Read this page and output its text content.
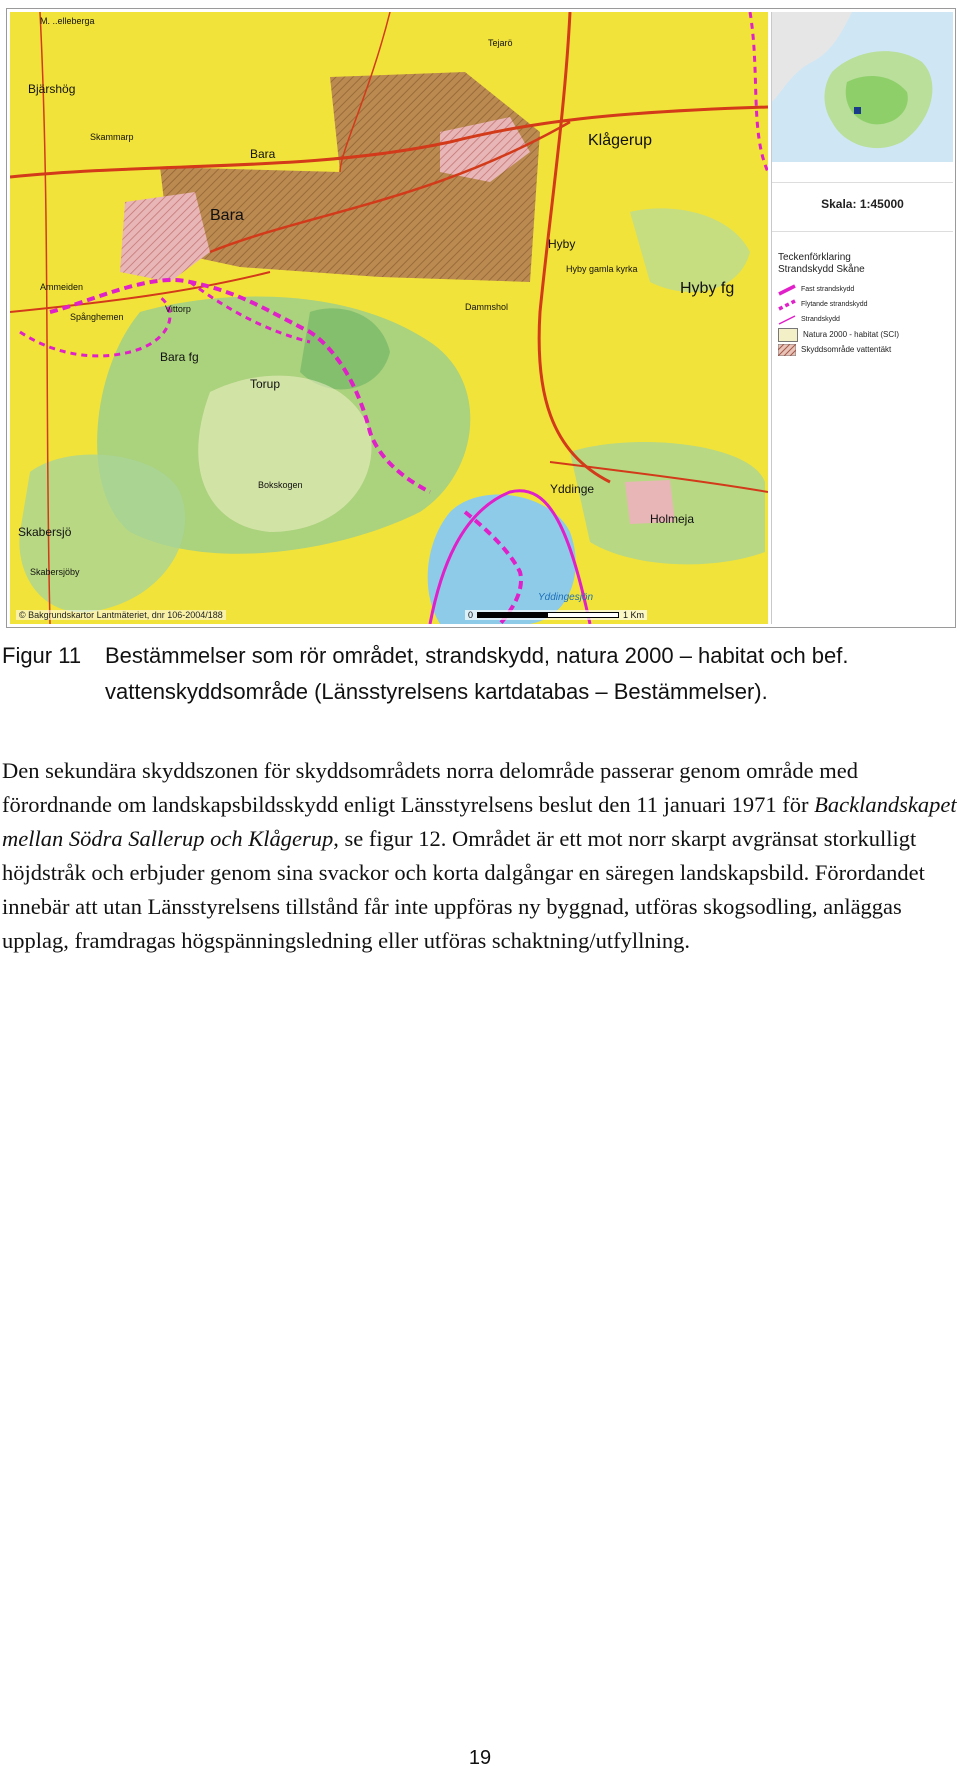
M. ..elleberga
Bjärshög
Skammarp
Bara
Bara
Klågerup
Tejarö
Hyby
Hyby gamla kyrka
Hyby fg
Ammeiden
Spånghemen
Bara fg
Torup
Dammshol
Bokskogen	Yddinge
Holmeja
Skabersjö
Skabersjöby
Yddingesjön
Vittorp
© Bakgrundskartor Lantmäteriet, dnr 106-2004/188	0	1 Km
Skala: 1:45000
Teckenförklaring
Strandskydd Skåne
Fast strandskydd
Flytande strandskydd
Strandskydd
Natura 2000 - habitat (SCI)
Skyddsområde vattentäkt
Figur 11 Bestämmelser som rör området, strandskydd, natura 2000 – habitat och bef. vattenskyddsområde (Länsstyrelsens kartdatabas – Bestämmelser).
Den sekundära skyddszonen för skyddsområdets norra delområde passerar genom område med förordnande om landskapsbildsskydd enligt Länsstyrelsens beslut den 11 januari 1971 för Backlandskapet mellan Södra Sallerup och Klågerup, se figur 12. Området är ett mot norr skarpt avgränsat storkulligt höjdstråk och erbjuder genom sina svackor och korta dalgångar en säregen landskapsbild. Förordandet innebär att utan Länsstyrelsens tillstånd får inte uppföras ny byggnad, utföras skogsodling, anläggas upplag, framdragas högspänningsledning eller utföras schaktning/utfyllning.
19
